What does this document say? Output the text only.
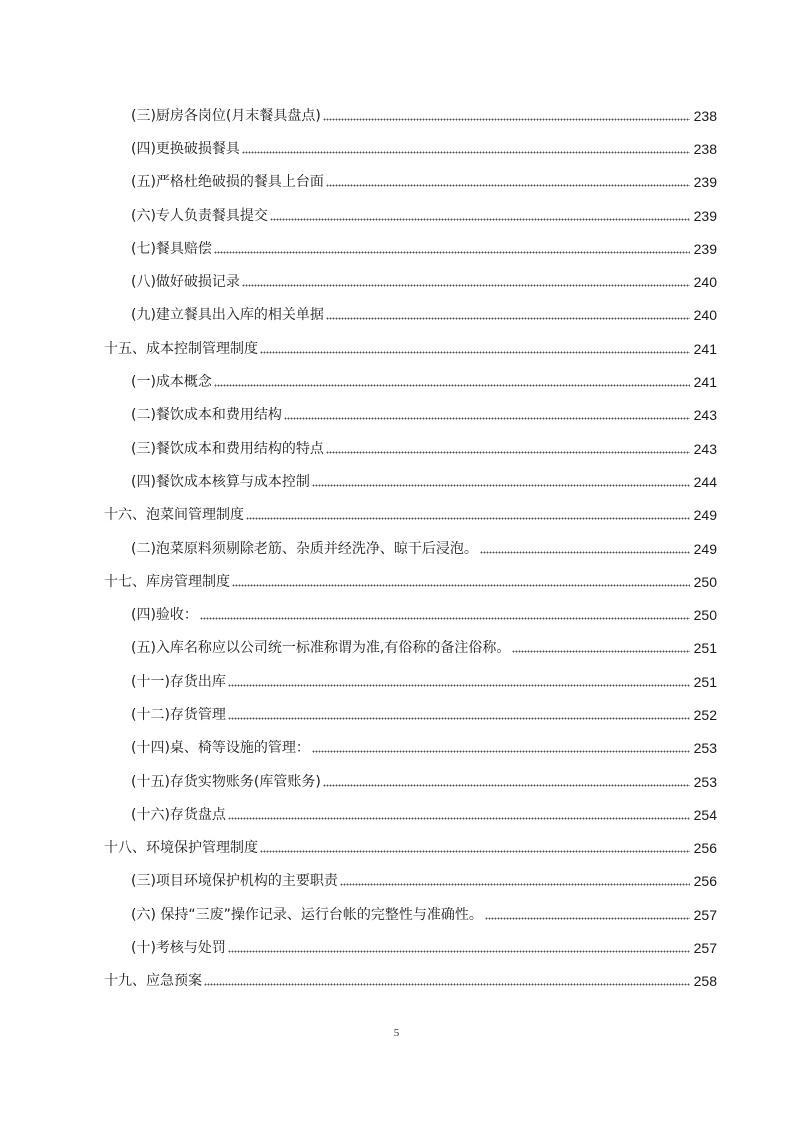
(三)厨房各岗位(月末餐具盘点)	238
(四)更换破损餐具	238
(五)严格杜绝破损的餐具上台面	239
(六)专人负责餐具提交	239
(七)餐具赔偿	239
(八)做好破损记录	240
(九)建立餐具出入库的相关单据	240
十五、成本控制管理制度	241
(一)成本概念	241
(二)餐饮成本和费用结构	243
(三)餐饮成本和费用结构的特点	243
(四)餐饮成本核算与成本控制	244
十六、泡菜间管理制度	249
(二)泡菜原料须剔除老筋、杂质并经洗净、晾干后浸泡。	249
十七、库房管理制度	250
(四)验收：	250
(五)入库名称应以公司统一标准称谓为准,有俗称的备注俗称。	251
(十一)存货出库	251
(十二)存货管理	252
(十四)桌、椅等设施的管理：	253
(十五)存货实物账务(库管账务)	253
(十六)存货盘点	254
十八、环境保护管理制度	256
(三)项目环境保护机构的主要职责	256
(六) 保持“三废”操作记录、运行台帐的完整性与准确性。	257
(十)考核与处罚	257
十九、应急预案	258
5
